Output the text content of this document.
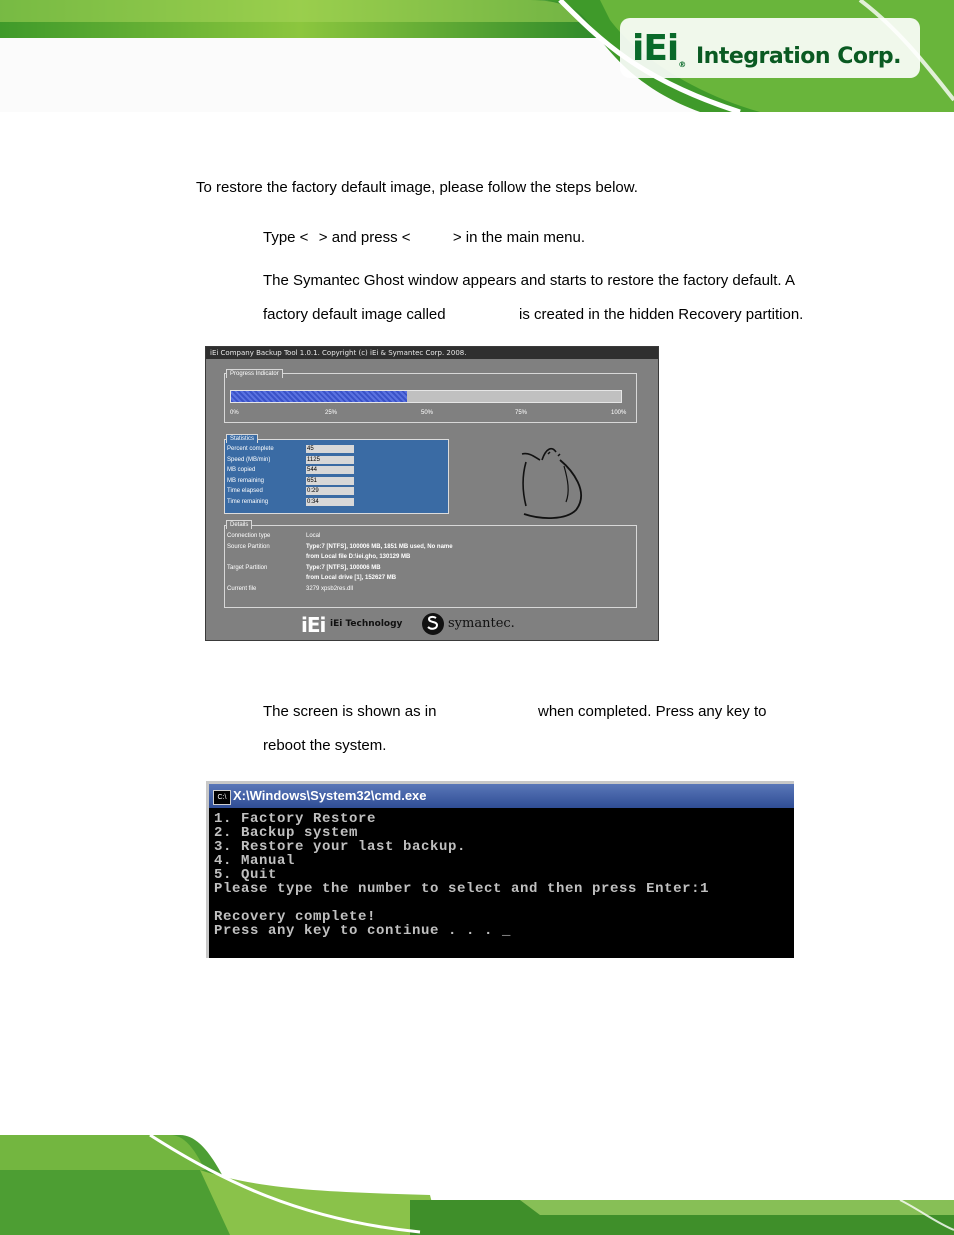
iEi® Integration Corp.
To restore the factory default image, please follow the steps below.
Type < > and press <	> in the main menu.
The Symantec Ghost window appears and starts to restore the factory default. A
factory default image called	is created in the hidden Recovery partition.
iEi Company Backup Tool 1.0.1. Copyright (c) iEi & Symantec Corp. 2008.
Progress Indicator
0%	25%	50%	75%	100%
Statistics
Percent complete	45
Speed (MB/min)	1125
MB copied	544
MB remaining	651
Time elapsed	0:29
Time remaining	0:34
Details
Connection type	Local
Source Partition	Type:7 [NTFS], 100006 MB, 1851 MB used, No name
from Local file D:\iei.gho, 130129 MB
Target Partition	Type:7 [NTFS], 100006 MB
from Local drive [1], 152627 MB
Current file	3279 xpsb2res.dll
iEi iEi Technology	symantec.
The screen is shown as in	when completed. Press any key to
reboot the system.
C:\ X:\Windows\System32\cmd.exe
1. Factory Restore
2. Backup system
3. Restore your last backup.
4. Manual
5. Quit
Please type the number to select and then press Enter:1
Recovery complete!
Press any key to continue . . . _
